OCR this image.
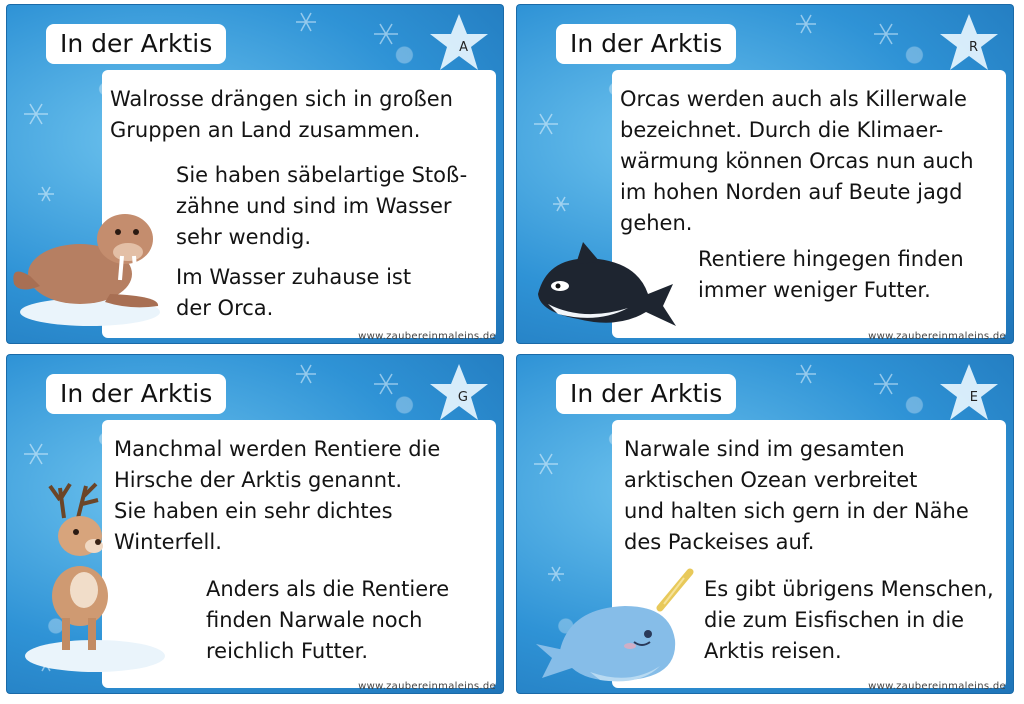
In der Arktis	A
Walrosse drängen sich in großen
Gruppen an Land zusammen.
Sie haben säbelartige Stoß-
zähne und sind im Wasser
sehr wendig.
Im Wasser zuhause ist
der Orca.
www.zaubereinmaleins.de
In der Arktis	R
Orcas werden auch als Killerwale
bezeichnet. Durch die Klimaer-
wärmung können Orcas nun auch
im hohen Norden auf Beute jagd
gehen.
Rentiere hingegen finden
immer weniger Futter.
www.zaubereinmaleins.de
In der Arktis	G
Manchmal werden Rentiere die
Hirsche der Arktis genannt.
Sie haben ein sehr dichtes
Winterfell.
Anders als die Rentiere
finden Narwale noch
reichlich Futter.
www.zaubereinmaleins.de
In der Arktis	E
Narwale sind im gesamten
arktischen Ozean verbreitet
und halten sich gern in der Nähe
des Packeises auf.
Es gibt übrigens Menschen,
die zum Eisfischen in die
Arktis reisen.
www.zaubereinmaleins.de
